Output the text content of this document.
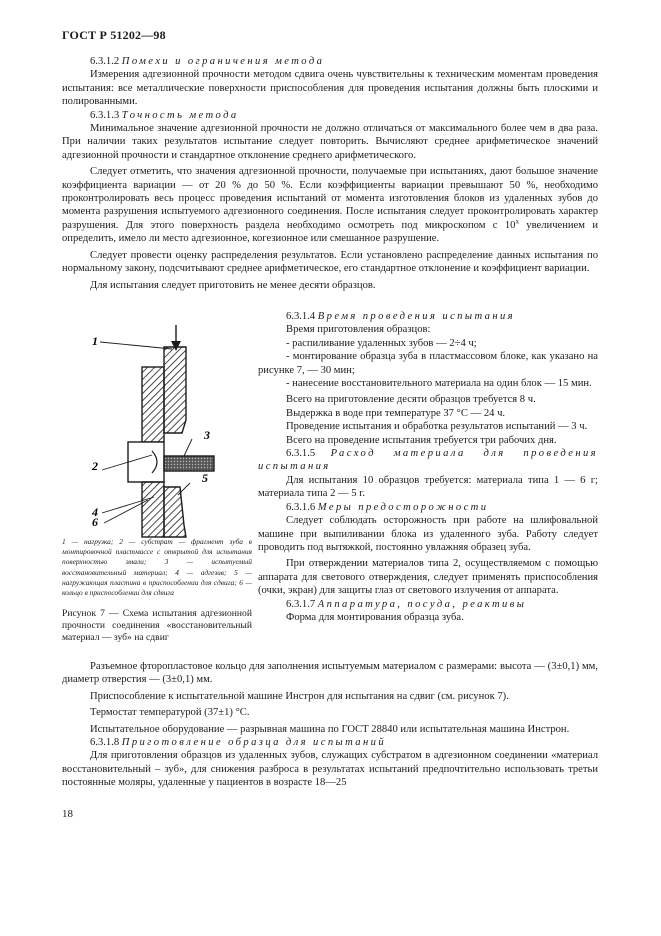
ГОСТ Р 51202—98

6.3.1.2 Помехи и ограничения метода

Измерения адгезионной прочности методом сдвига очень чувствительны к техническим моментам проведения испытания: все металлические поверхности приспособления для проведения испытания должны быть плоскими и полированными.

6.3.1.3 Точность метода

Минимальное значение адгезионной прочности не должно отличаться от максимального более чем в два раза. При наличии таких результатов испытание следует повторить. Вычисляют среднее арифметическое значений адгезионной прочности и стандартное отклонение среднего арифметического.

Следует отметить, что значения адгезионной прочности, получаемые при испытаниях, дают большое значение коэффициента вариации — от 20 % до 50 %. Если коэффициенты вариации превышают 50 %, необходимо проконтролировать весь процесс проведения испытаний от момента изготовления блоков из удаленных зубов до момента разрушения испытуемого адгезионного соединения. После испытания следует проконтролировать характер разрушения. Для этого поверхность раздела необходимо осмотреть под микроскопом с 10$^x$ увеличением и определить, имело ли место адгезионное, когезионное или смешанное разрушение.

Следует провести оценку распределения результатов. Если установлено распределение данных испытания по нормальному закону, подсчитывают среднее арифметическое, его стандартное отклонение и коэффициент вариации.

Для испытания следует приготовить не менее десяти образцов.

1
2
3
4
5
6
1 — нагрузка; 2 — субстрат — фрагмент зуба в монтировочной пластмассе с открытой для испытания поверхностью эмали; 3 — испытуемый восстановительный материал; 4 — адгезив; 5 — нагружающая пластина в приспособлении для сдвига; 6 — кольцо в приспособлении для сдвига
Рисунок 7 — Схема испытания адгезионной прочности соединения «восстановительный материал — зуб» на сдвиг

6.3.1.4 Время проведения испытания

Время приготовления образцов:

- распиливание удаленных зубов — 2÷4 ч;

- монтирование образца зуба в пластмассовом блоке, как указано на рисунке 7, — 30 мин;

- нанесение восстановительного материала на один блок — 15 мин.

Всего на приготовление десяти образцов требуется 8 ч.

Выдержка в воде при температуре 37 °С — 24 ч.

Проведение испытания и обработка результатов испытаний — 3 ч.

Всего на проведение испытания требуется три рабочих дня.

6.3.1.5 Расход материала для проведения испытания

Для испытания 10 образцов требуется: материала типа 1 — 6 г; материала типа 2 — 5 г.

6.3.1.6 Меры предосторожности

Следует соблюдать осторожность при работе на шлифовальной машине при выпиливании блока из удаленного зуба. Работу следует проводить под вытяжкой, постоянно увлажняя образец зуба.

При отверждении материалов типа 2, осуществляемом с помощью аппарата для светового отверждения, следует применять приспособления (очки, экран) для защиты глаз от светового излучения от аппарата.

6.3.1.7 Аппаратура, посуда, реактивы

Форма для монтирования образца зуба.

Разъемное фторопластовое кольцо для заполнения испытуемым материалом с размерами: высота — (3±0,1) мм, диаметр отверстия — (3±0,1) мм.

Приспособление к испытательной машине Инстрон для испытания на сдвиг (см. рисунок 7).

Термостат температурой (37±1) °С.

Испытательное оборудование — разрывная машина по ГОСТ 28840 или испытательная машина Инстрон.

6.3.1.8 Приготовление образца для испытаний

Для приготовления образцов из удаленных зубов, служащих субстратом в адгезионном соединении «материал восстановительный – зуб», для снижения разброса в результатах испытаний предпочтительно использовать третьи постоянные моляры, удаленные у пациентов в возрасте 18—25

18
